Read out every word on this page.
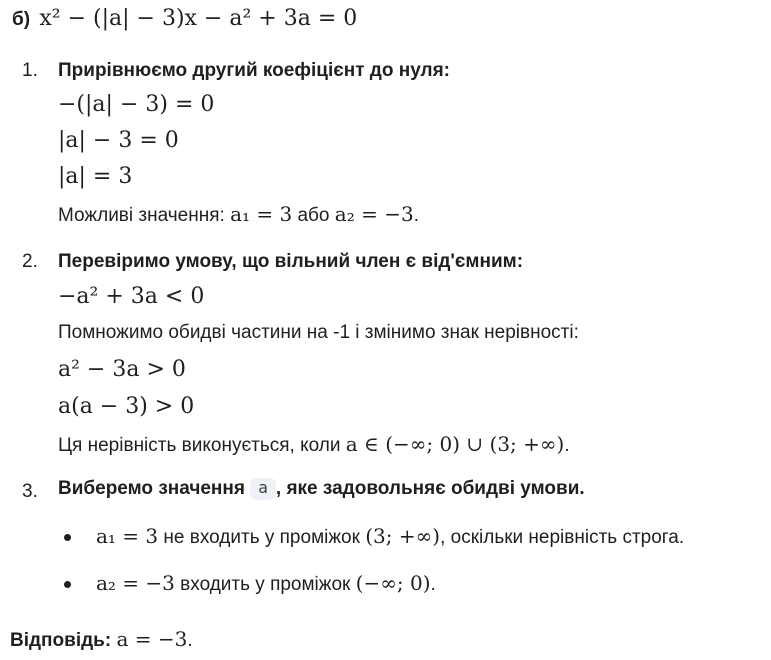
б) x² − (|a| − 3)x − a² + 3a = 0
1. Прирівнюємо другий коефіцієнт до нуля:
−(|a| − 3) = 0
|a| − 3 = 0
|a| = 3
Можливі значення: a₁ = 3 або a₂ = −3.
2. Перевіримо умову, що вільний член є від'ємним:
−a² + 3a < 0
Помножимо обидві частини на -1 і змінимо знак нерівності:
a² − 3a > 0
a(a − 3) > 0
Ця нерівність виконується, коли a ∈ (−∞; 0) ∪ (3; +∞).
3. Виберемо значення a , яке задовольняє обидві умови.
a₁ = 3 не входить у проміжок (3; +∞), оскільки нерівність строга.
a₂ = −3 входить у проміжок (−∞; 0).
Відповідь: a = −3.
